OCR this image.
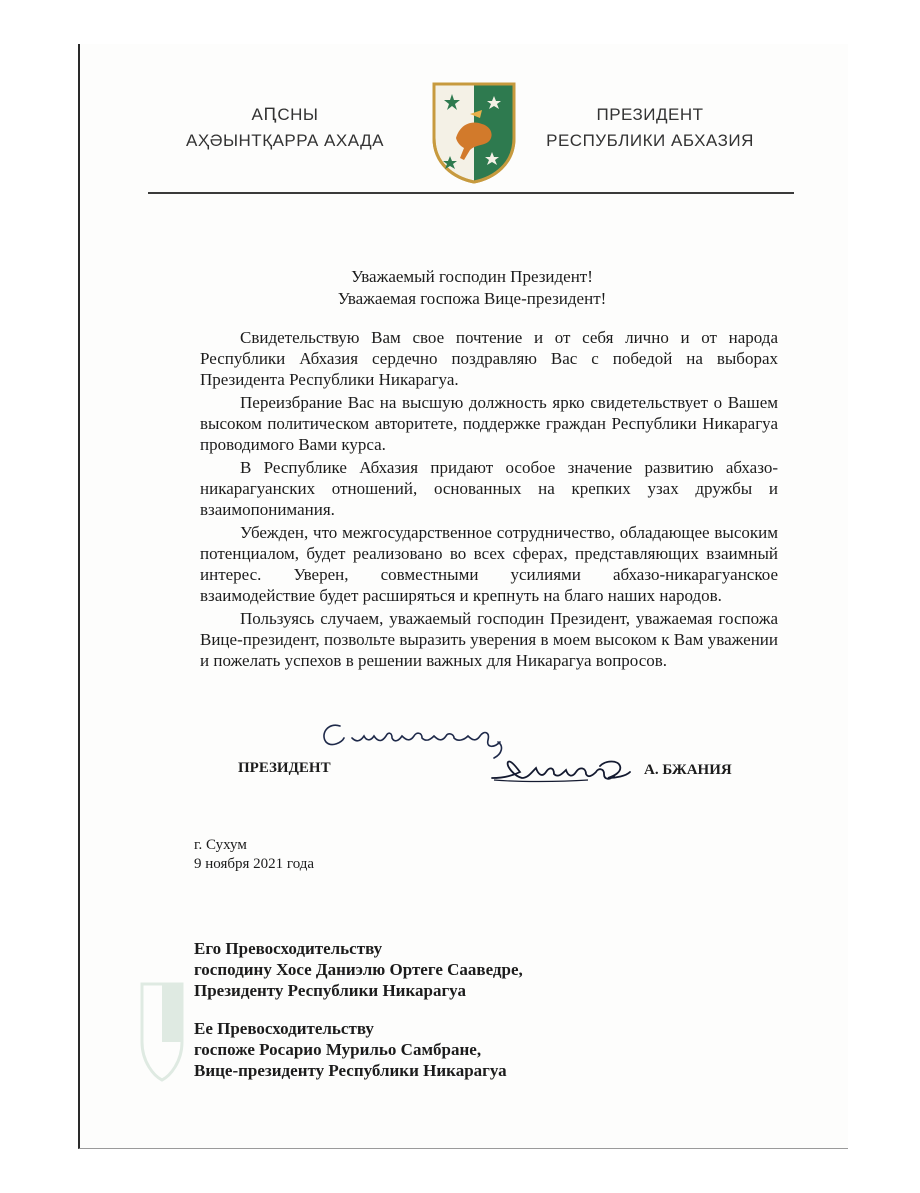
АԤСНЫ
АҲӘЫНТҚАРРА АХАДА
ПРЕЗИДЕНТ
РЕСПУБЛИКИ АБХАЗИЯ
Уважаемый господин Президент!
Уважаемая госпожа Вице-президент!

Свидетельствую Вам свое почтение и от себя лично и от народа Республики Абхазия сердечно поздравляю Вас с победой на выборах Президента Республики Никарагуа.

Переизбрание Вас на высшую должность ярко свидетельствует о Вашем высоком политическом авторитете, поддержке граждан Республики Никарагуа проводимого Вами курса.

В Республике Абхазия придают особое значение развитию абхазо-никарагуанских отношений, основанных на крепких узах дружбы и взаимопонимания.

Убежден, что межгосударственное сотрудничество, обладающее высоким потенциалом, будет реализовано во всех сферах, представляющих взаимный интерес. Уверен, совместными усилиями абхазо-никарагуанское взаимодействие будет расширяться и крепнуть на благо наших народов.

Пользуясь случаем, уважаемый господин Президент, уважаемая госпожа Вице-президент, позвольте выразить уверения в моем высоком к Вам уважении и пожелать успехов в решении важных для Никарагуа вопросов.

ПРЕЗИДЕНТ	А. БЖАНИЯ
г. Сухум
9 ноября 2021 года

Его Превосходительству
господину Хосе Даниэлю Ортеге Сааведре,
Президенту Республики Никарагуа

Ее Превосходительству
госпоже Росарио Мурильо Самбране,
Вице-президенту Республики Никарагуа
